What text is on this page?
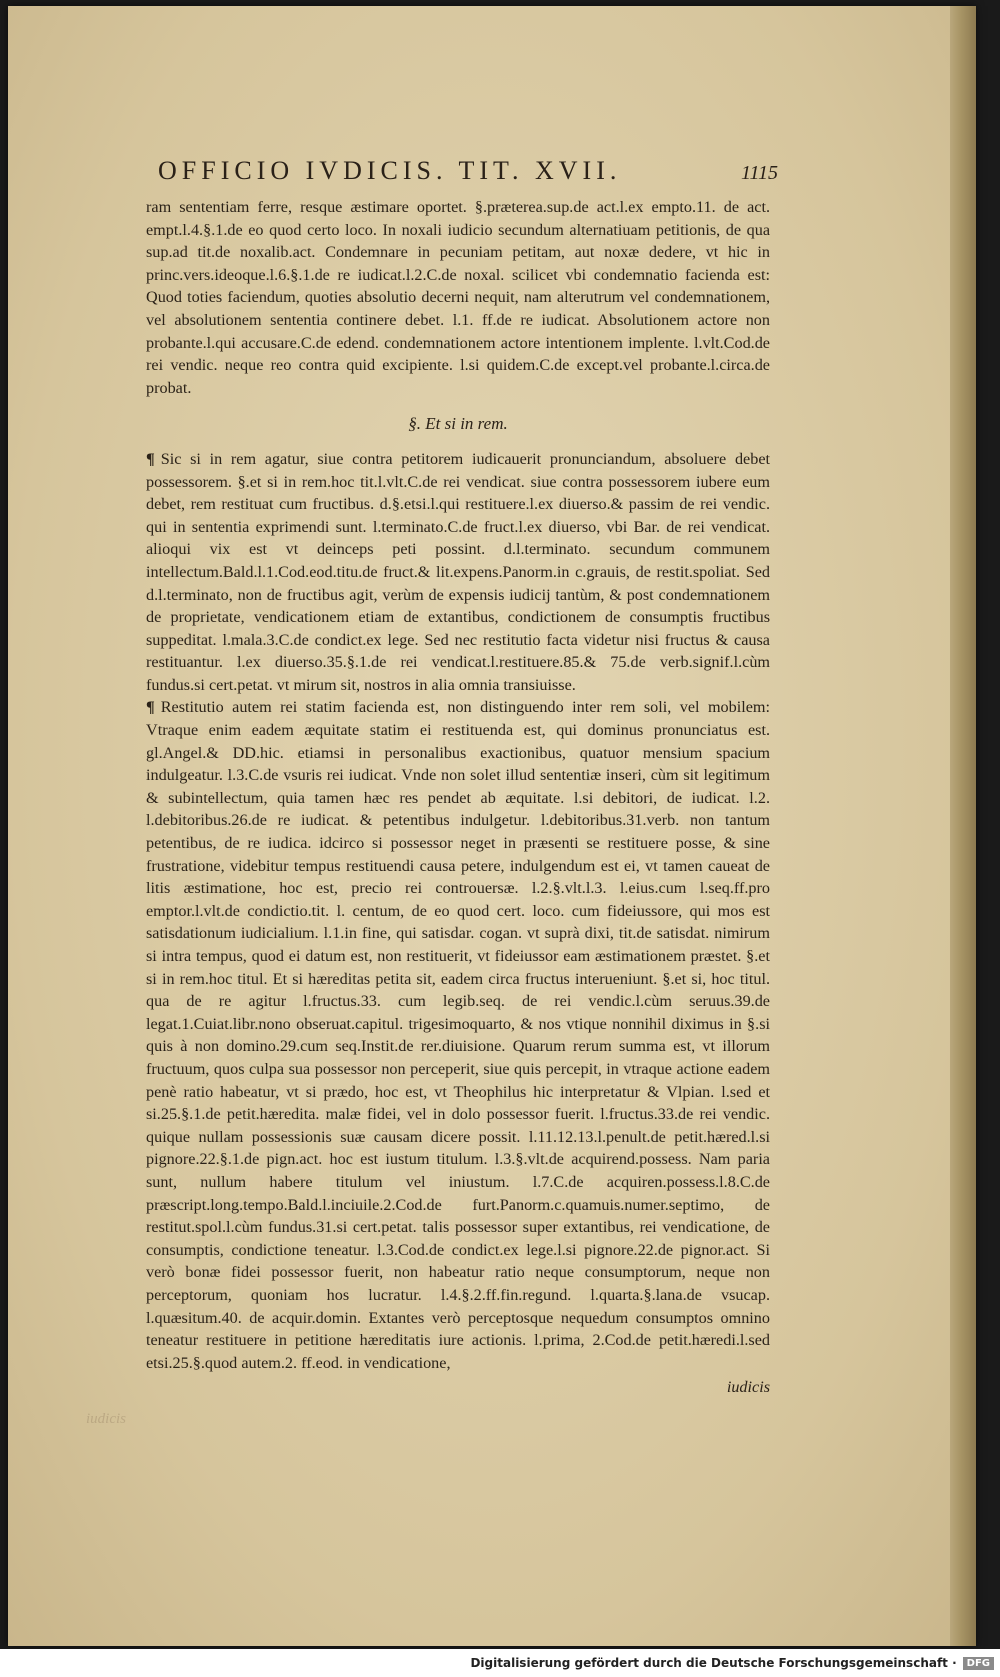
OFFICIO IVDICIS. TIT. XVII.	1115
iudicis

ram sententiam ferre, resque æstimare oportet. §.præterea.sup.de act.l.ex empto.11. de act. empt.l.4.§.1.de eo quod certo loco. In noxali iudicio secundum alternatiuam petitionis, de qua sup.ad tit.de noxalib.act. Condemnare in pecuniam petitam, aut noxæ dedere, vt hic in princ.vers.ideoque.l.6.§.1.de re iudicat.l.2.C.de noxal. scilicet vbi condemnatio facienda est: Quod toties faciendum, quoties absolutio decerni nequit, nam alterutrum vel condemnationem, vel absolutionem sententia continere debet. l.1. ff.de re iudicat. Absolutionem actore non probante.l.qui accusare.C.de edend. condemnationem actore intentionem implente. l.vlt.Cod.de rei vendic. neque reo contra quid excipiente. l.si quidem.C.de except.vel probante.l.circa.de probat.

§. Et si in rem.

¶ Sic si in rem agatur, siue contra petitorem iudicauerit pronunciandum, absoluere debet possessorem. §.et si in rem.hoc tit.l.vlt.C.de rei vendicat. siue contra possessorem iubere eum debet, rem restituat cum fructibus. d.§.etsi.l.qui restituere.l.ex diuerso.& passim de rei vendic. qui in sententia exprimendi sunt. l.terminato.C.de fruct.l.ex diuerso, vbi Bar. de rei vendicat. alioqui vix est vt deinceps peti possint. d.l.terminato. secundum communem intellectum.Bald.l.1.Cod.eod.titu.de fruct.& lit.expens.Panorm.in c.grauis, de restit.spoliat. Sed d.l.terminato, non de fructibus agit, verùm de expensis iudicij tantùm, & post condemnationem de proprietate, vendicationem etiam de extantibus, condictionem de consumptis fructibus suppeditat. l.mala.3.C.de condict.ex lege. Sed nec restitutio facta videtur nisi fructus & causa restituantur. l.ex diuerso.35.§.1.de rei vendicat.l.restituere.85.& 75.de verb.signif.l.cùm fundus.si cert.petat. vt mirum sit, nostros in alia omnia transiuisse.

¶ Restitutio autem rei statim facienda est, non distinguendo inter rem soli, vel mobilem: Vtraque enim eadem æquitate statim ei restituenda est, qui dominus pronunciatus est. gl.Angel.& DD.hic. etiamsi in personalibus exactionibus, quatuor mensium spacium indulgeatur. l.3.C.de vsuris rei iudicat. Vnde non solet illud sententiæ inseri, cùm sit legitimum & subintellectum, quia tamen hæc res pendet ab æquitate. l.si debitori, de iudicat. l.2. l.debitoribus.26.de re iudicat. & petentibus indulgetur. l.debitoribus.31.verb. non tantum petentibus, de re iudica. idcirco si possessor neget in præsenti se restituere posse, & sine frustratione, videbitur tempus restituendi causa petere, indulgendum est ei, vt tamen caueat de litis æstimatione, hoc est, precio rei controuersæ. l.2.§.vlt.l.3. l.eius.cum l.seq.ff.pro emptor.l.vlt.de condictio.tit. l. centum, de eo quod cert. loco. cum fideiussore, qui mos est satisdationum iudicialium. l.1.in fine, qui satisdar. cogan. vt suprà dixi, tit.de satisdat. nimirum si intra tempus, quod ei datum est, non restituerit, vt fideiussor eam æstimationem præstet. §.et si in rem.hoc titul. Et si hæreditas petita sit, eadem circa fructus interueniunt. §.et si, hoc titul. qua de re agitur l.fructus.33. cum legib.seq. de rei vendic.l.cùm seruus.39.de legat.1.Cuiat.libr.nono obseruat.capitul. trigesimoquarto, & nos vtique nonnihil diximus in §.si quis à non domino.29.cum seq.Instit.de rer.diuisione. Quarum rerum summa est, vt illorum fructuum, quos culpa sua possessor non perceperit, siue quis percepit, in vtraque actione eadem penè ratio habeatur, vt si prædo, hoc est, vt Theophilus hic interpretatur & Vlpian. l.sed et si.25.§.1.de petit.hæredita. malæ fidei, vel in dolo possessor fuerit. l.fructus.33.de rei vendic. quique nullam possessionis suæ causam dicere possit. l.11.12.13.l.penult.de petit.hæred.l.si pignore.22.§.1.de pign.act. hoc est iustum titulum. l.3.§.vlt.de acquirend.possess. Nam paria sunt, nullum habere titulum vel iniustum. l.7.C.de acquiren.possess.l.8.C.de præscript.long.tempo.Bald.l.inciuile.2.Cod.de furt.Panorm.c.quamuis.numer.septimo, de restitut.spol.l.cùm fundus.31.si cert.petat. talis possessor super extantibus, rei vendicatione, de consumptis, condictione teneatur. l.3.Cod.de condict.ex lege.l.si pignore.22.de pignor.act. Si verò bonæ fidei possessor fuerit, non habeatur ratio neque consumptorum, neque non perceptorum, quoniam hos lucratur. l.4.§.2.ff.fin.regund. l.quarta.§.lana.de vsucap. l.quæsitum.40. de acquir.domin. Extantes verò perceptosque nequedum consumptos omnino teneatur restituere in petitione hæreditatis iure actionis. l.prima, 2.Cod.de petit.hæredi.l.sed etsi.25.§.quod autem.2. ff.eod. in vendicatione,

iudicis

Digitalisierung gefördert durch die Deutsche Forschungsgemeinschaft ·	DFG
